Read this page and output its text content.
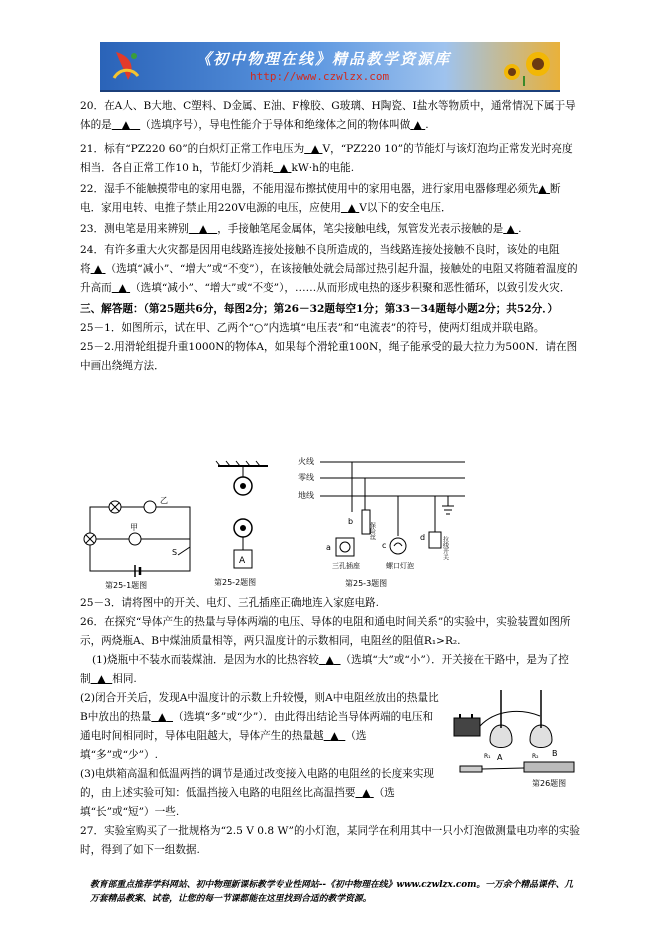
《初中物理在线》精品教学资源库
http://www.czwlzx.com

20．在A人、B大地、C塑料、D金属、E油、F橡胶、G玻璃、H陶瓷、I盐水等物质中，通常情况下属于导体的是 ▲ （选填序号），导电性能介于导体和绝缘体之间的物体叫做 ▲ .

21．标有“PZ220 60”的白炽灯正常工作电压为 ▲ V，“PZ220 10”的节能灯与该灯泡均正常发光时亮度相当．各自正常工作10 h，节能灯少消耗 ▲ kW·h的电能.

22．湿手不能触摸带电的家用电器，不能用湿布擦拭使用中的家用电器，进行家用电器修理必须先▲ 断电．家用电转、电推子禁止用220V电源的电压，应使用 ▲ V以下的安全电压．

23．测电笔是用来辨别 ▲ ，手接触笔尾金属体，笔尖接触电线，氖管发光表示接触的是 ▲ .

24．有许多重大火灾都是因用电线路连接处接触不良所造成的，当线路连接处接触不良时，该处的电阻将 ▲ （选填“减小”、“增大”或“不变”），在该接触处就会局部过热引起升温，接触处的电阻又将随着温度的升高而 ▲ （选填“减小”、“增大”或“不变”），……从而形成电热的逐步积聚和恶性循环，以致引发火灾．

三、解答题：（第25题共6分，每图2分；第26－32题每空1分；第33－34题每小题2分；共52分．）

25－1．如图所示，试在甲、乙两个“○”内选填“电压表”和“电流表”的符号，使两灯组成并联电路。

25－2.用滑轮组提升重1000N的物体A，如果每个滑轮重100N，绳子能承受的最大拉力为500N．请在图中画出绕绳方法．

乙
甲
S
第25-1题图
A
第25-2题图
火线
零线
地线
保险丝
b
a
三孔插座
c
螺口灯泡
d	拉线开关
第25-3题图

25－3．请将图中的开关、电灯、三孔插座正确地连入家庭电路.

26．在探究“导体产生的热量与导体两端的电压、导体的电阻和通电时间关系”的实验中，实验装置如图所示，两烧瓶A、B中煤油质量相等，两只温度计的示数相同，电阻丝的阻值R₁>R₂.

(1)烧瓶中不装水而装煤油．是因为水的比热容较 ▲ （选填“大”或“小”）．开关接在干路中，是为了控制 ▲ 相同.

(2)闭合开关后，发现A中温度计的示数上升较慢，则A中电阻丝放出的热量比B中放出的热量 ▲ （选填“多”或“少”）．由此得出结论当导体两端的电压和通电时间相同时，导体电阻越大，导体产生的热量越 ▲ （选填“多”或“少”）.

(3)电烘箱高温和低温两挡的调节是通过改变接入电路的电阻丝的长度来实现的，由上述实验可知：低温挡接入电路的电阻丝比高温挡要 ▲ （选填“长”或“短”）一些.

A
R₁	B
R₂
第26题图

27．实验室购买了一批规格为“2.5 V 0.8 W”的小灯泡，某同学在利用其中一只小灯泡做测量电功率的实验时，得到了如下一组数据.

教育部重点推荐学科网站、初中物理新课标教学专业性网站--《初中物理在线》www.czwlzx.com。一万余个精品课件、几万套精品教案、试卷，让您的每一节课都能在这里找到合适的教学资源。
